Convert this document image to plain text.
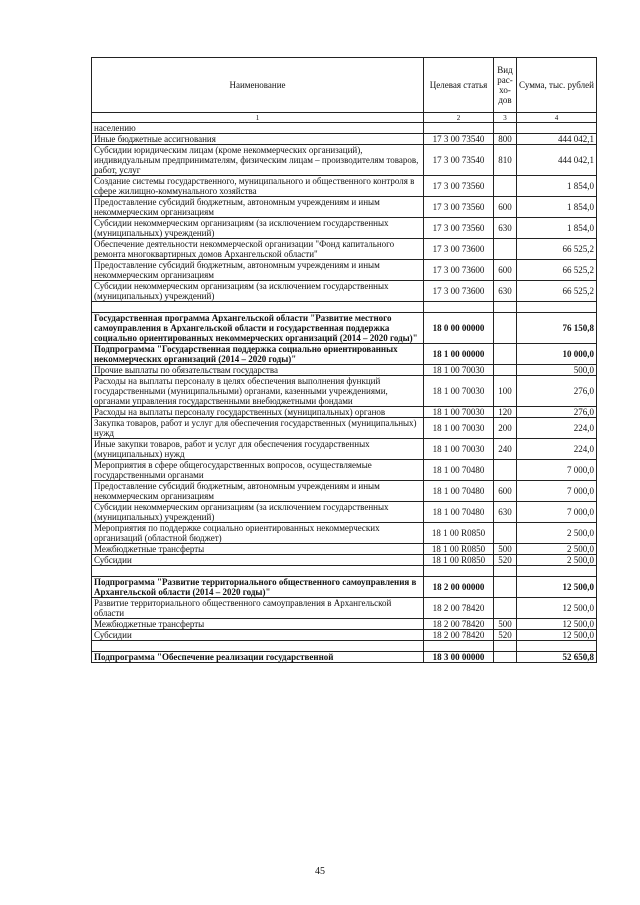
Наименование	Целевая статья	Вид рас-хо-дов	Сумма, тыс. рублей
1	2	3	4
населению			
Иные бюджетные ассигнования	17 3 00 73540	800	444 042,1
Субсидии юридическим лицам (кроме некоммерческих организаций), индивидуальным предпринимателям, физическим лицам – производителям товаров, работ, услуг	17 3 00 73540	810	444 042,1
Создание системы государственного, муниципального и общественного контроля в сфере жилищно-коммунального хозяйства	17 3 00 73560		1 854,0
Предоставление субсидий бюджетным, автономным учреждениям и иным некоммерческим организациям	17 3 00 73560	600	1 854,0
Субсидии некоммерческим организациям (за исключением государственных (муниципальных) учреждений)	17 3 00 73560	630	1 854,0
Обеспечение деятельности некоммерческой организации "Фонд капитального ремонта многоквартирных домов Архангельской области"	17 3 00 73600		66 525,2
Предоставление субсидий бюджетным, автономным учреждениям и иным некоммерческим организациям	17 3 00 73600	600	66 525,2
Субсидии некоммерческим организациям (за исключением государственных (муниципальных) учреждений)	17 3 00 73600	630	66 525,2

Государственная программа Архангельской области "Развитие местного самоуправления в Архангельской области и государственная поддержка социально ориентированных некоммерческих организаций (2014 – 2020 годы)"	18 0 00 00000		76 150,8
Подпрограмма "Государственная поддержка социально ориентированных некоммерческих организаций (2014 – 2020 годы)"	18 1 00 00000		10 000,0
Прочие выплаты по обязательствам государства	18 1 00 70030		500,0
Расходы на выплаты персоналу в целях обеспечения выполнения функций государственными (муниципальными) органами, казенными учреждениями, органами управления государственными внебюджетными фондами	18 1 00 70030	100	276,0
Расходы на выплаты персоналу государственных (муниципальных) органов	18 1 00 70030	120	276,0
Закупка товаров, работ и услуг для обеспечения государственных (муниципальных) нужд	18 1 00 70030	200	224,0
Иные закупки товаров, работ и услуг для обеспечения государственных (муниципальных) нужд	18 1 00 70030	240	224,0
Мероприятия в сфере общегосударственных вопросов, осуществляемые государственными органами	18 1 00 70480		7 000,0
Предоставление субсидий бюджетным, автономным учреждениям и иным некоммерческим организациям	18 1 00 70480	600	7 000,0
Субсидии некоммерческим организациям (за исключением государственных (муниципальных) учреждений)	18 1 00 70480	630	7 000,0
Мероприятия по поддержке социально ориентированных некоммерческих организаций (областной бюджет)	18 1 00 R0850		2 500,0
Межбюджетные трансферты	18 1 00 R0850	500	2 500,0
Субсидии	18 1 00 R0850	520	2 500,0

Подпрограмма "Развитие территориального общественного самоуправления в Архангельской области (2014 – 2020 годы)"	18 2 00 00000		12 500,0
Развитие территориального общественного самоуправления в Архангельской области	18 2 00 78420		12 500,0
Межбюджетные трансферты	18 2 00 78420	500	12 500,0
Субсидии	18 2 00 78420	520	12 500,0

Подпрограмма "Обеспечение реализации государственной	18 3 00 00000		52 650,8
45
